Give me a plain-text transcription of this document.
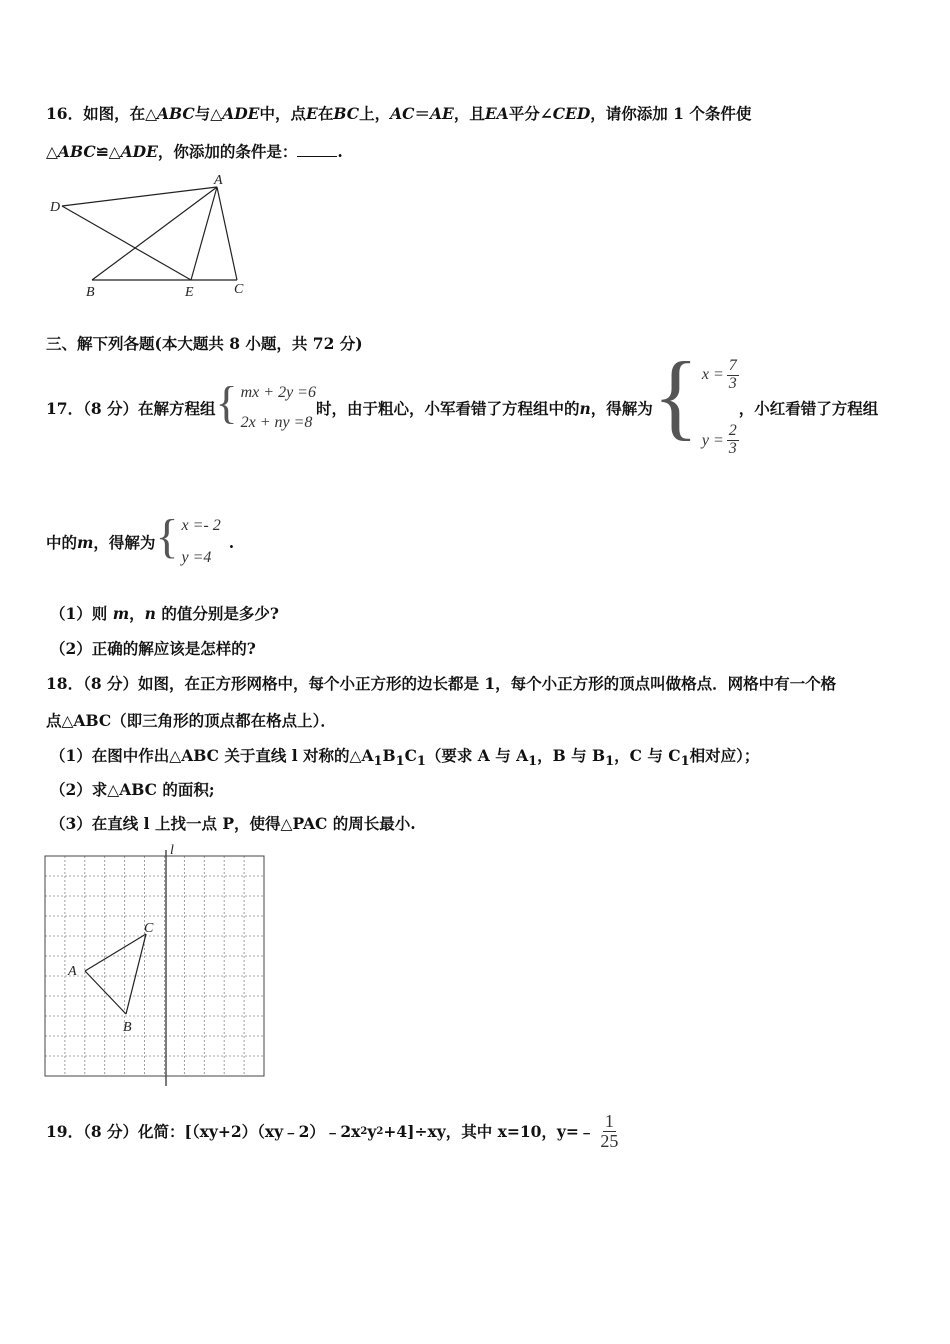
16．如图，在△ABC与△ADE中，点E在BC上，AC＝AE，且EA平分∠CED，请你添加 1 个条件使
△ABC≌△ADE，你添加的条件是：	.
D
A
B	E	C
三、解下列各题(本大题共 8 小题，共 72 分)
17．（8 分）在解方程组 { mx + 2y =6
2x + ny =8
时，由于粗心，小军看错了方程组中的 n ，得解为 { $x = \frac{7}{3}$
$y = \frac{2}{3}$
，小红看错了方程组
中的 m ，得解为 { x =- 2
y =4
.
（1）则 m，n 的值分别是多少?
（2）正确的解应该是怎样的?
18．（8 分）如图，在正方形网格中，每个小正方形的边长都是 1，每个小正方形的顶点叫做格点．网格中有一个格
点△ABC（即三角形的顶点都在格点上）．
（1）在图中作出△ABC 关于直线 l 对称的$\triangle A_1B_1C_1$（要求 A 与 $A_1$，B 与 $B_1$，C 与 $C_1$相对应）；
（2）求△ABC 的面积;
（3）在直线 l 上找一点 P，使得△PAC 的周长最小.
l
A
B
C
19．（8 分）化简：[（xy+2）（xy﹣2）﹣2x 2 y 2 +4]÷xy，其中 x=10，y=﹣ $\frac{1}{25}$
